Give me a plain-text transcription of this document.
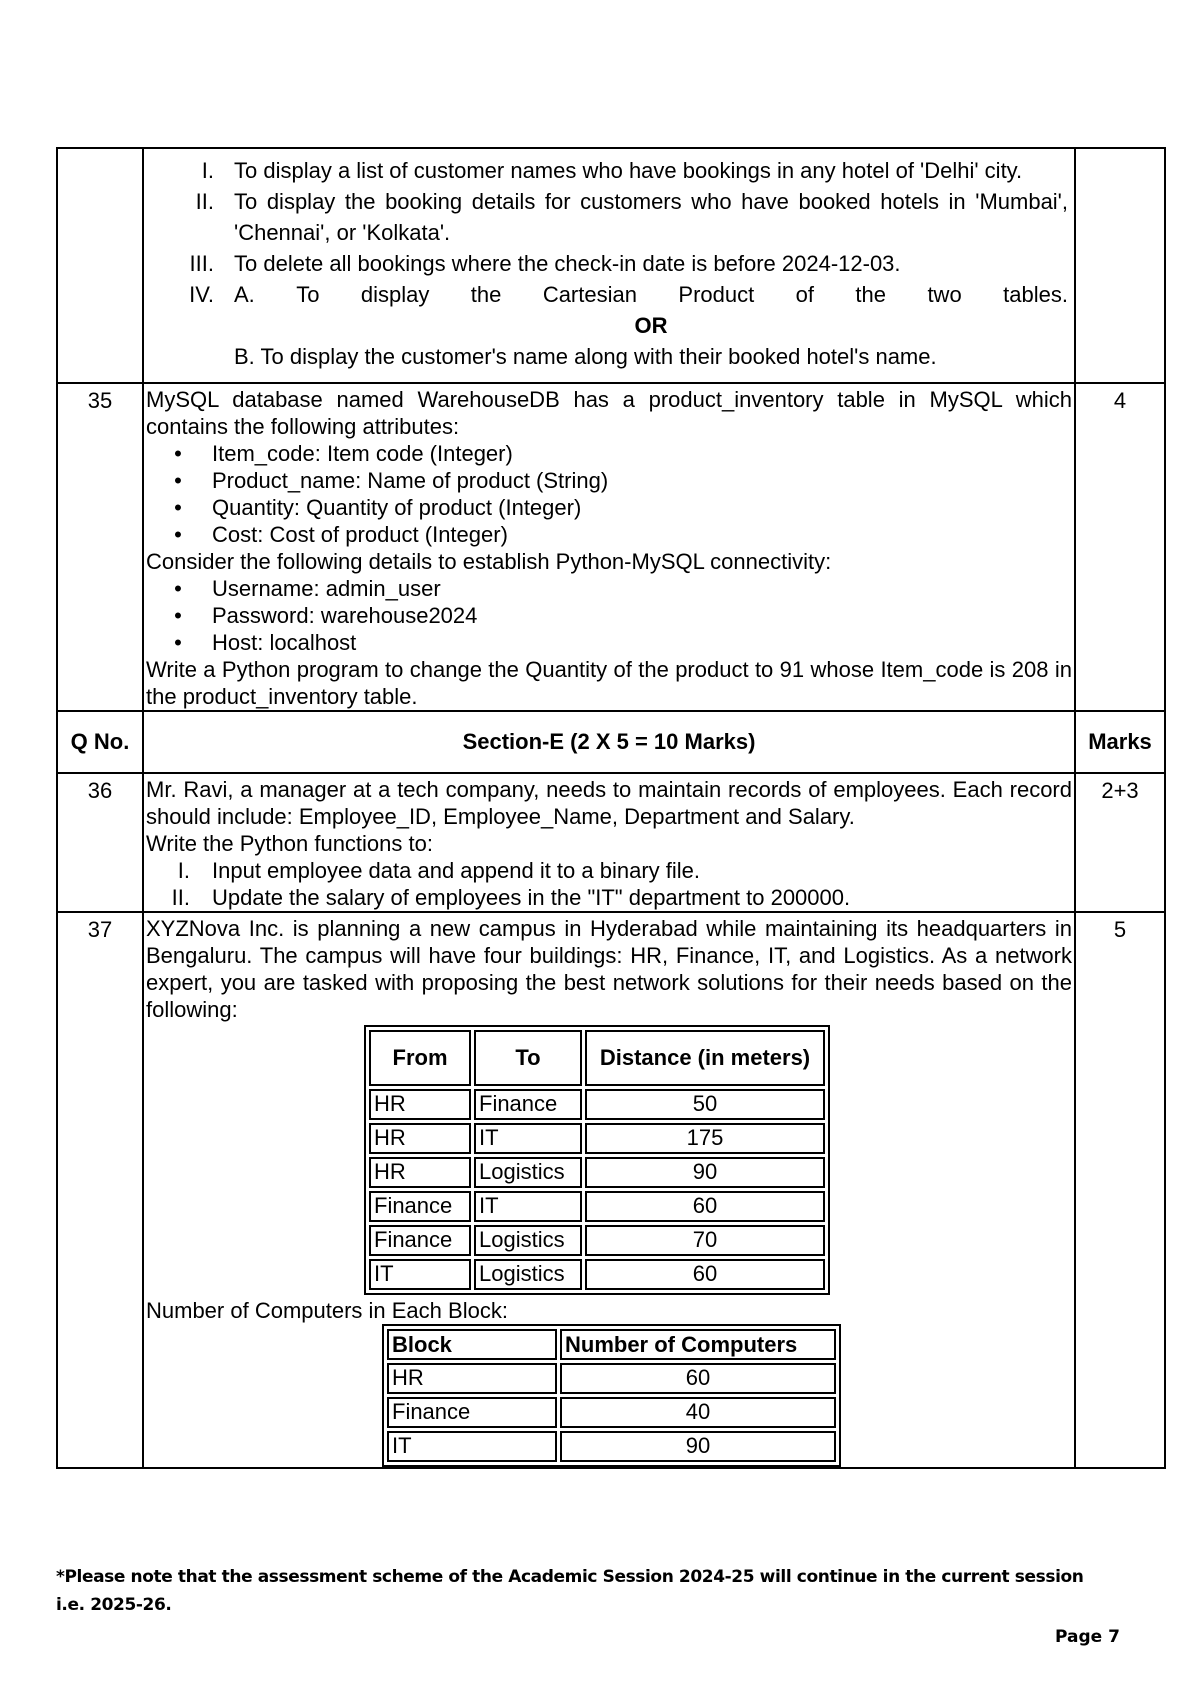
I. To display a list of customer names who have bookings in any hotel of 'Delhi' city.
II. To display the booking details for customers who have booked hotels in 'Mumbai', 'Chennai', or 'Kolkata'.
III. To delete all bookings where the check-in date is before 2024-12-03.
IV. A. To display the Cartesian Product of the two tables.
OR
B. To display the customer's name along with their booked hotel's name.

35	MySQL database named WarehouseDB has a product_inventory table in MySQL which contains the following attributes:
•	Item_code: Item code (Integer)
•	Product_name: Name of product (String)
•	Quantity: Quantity of product (Integer)
•	Cost: Cost of product (Integer)
Consider the following details to establish Python-MySQL connectivity:
•	Username: admin_user
•	Password: warehouse2024
•	Host: localhost
Write a Python program to change the Quantity of the product to 91 whose Item_code is 208 in the product_inventory table.
	4
Q No.	Section-E (2 X 5 = 10 Marks)	Marks
36	Mr. Ravi, a manager at a tech company, needs to maintain records of employees. Each record should include: Employee_ID, Employee_Name, Department and Salary.
Write the Python functions to:
I.	Input employee data and append it to a binary file.
II.	Update the salary of employees in the "IT" department to 200000.
	2+3
37	XYZNova Inc. is planning a new campus in Hyderabad while maintaining its headquarters in Bengaluru. The campus will have four buildings: HR, Finance, IT, and Logistics. As a network expert, you are tasked with proposing the best network solutions for their needs based on the following:
From	To	Distance (in meters)
HR	Finance	50
HR	IT	175
HR	Logistics	90
Finance	IT	60
Finance	Logistics	70
IT	Logistics	60
Number of Computers in Each Block:
Block	Number of Computers
HR	60
Finance	40
IT	90
	5
*Please note that the assessment scheme of the Academic Session 2024-25 will continue in the current session i.e. 2025-26.
Page 7
